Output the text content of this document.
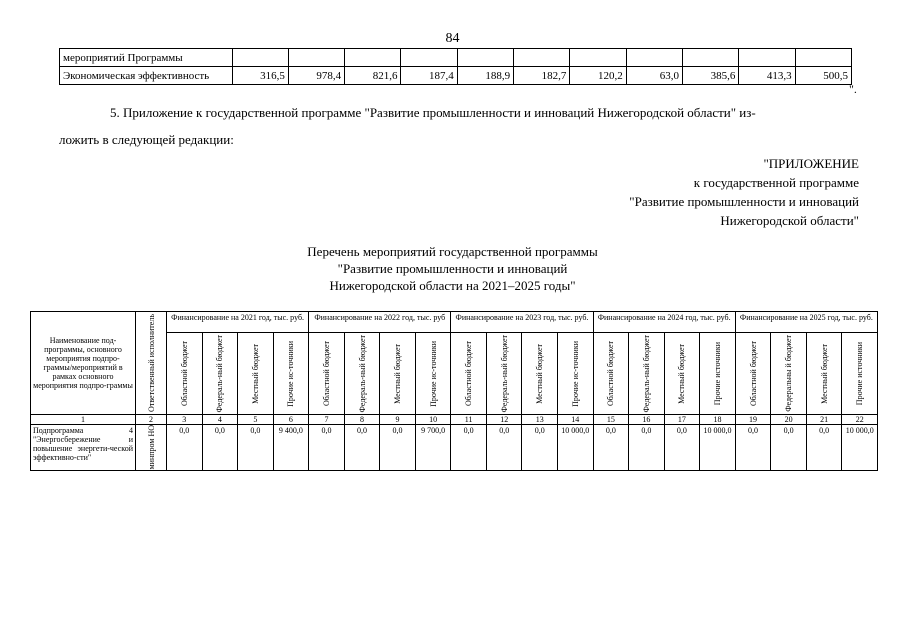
84
мероприятий Программы											
Экономическая эффективность	316,5	978,4	821,6	187,4	188,9	182,7	120,2	63,0	385,6	413,3	500,5
".
5. Приложение к государственной программе "Развитие промышленности и инноваций Нижегородской области" из-
ложить в следующей редакции:
"ПРИЛОЖЕНИЕ
к государственной программе
"Развитие промышленности и инноваций
Нижегородской области"
Перечень мероприятий государственной программы
"Развитие промышленности и инноваций
Нижегородской области на 2021–2025 годы"
Наименование под-программы, основного мероприятия подпро-граммы/мероприятий в рамках основного мероприятия подпро-граммы	Ответственный исполнитель	Финансирование на 2021 год, тыс. руб.				Финансирование на 2022 год, тыс. руб				Финансирование на 2023 год, тыс. руб.				Финансирование на 2024 год, тыс. руб.				Финансирование на 2025 год, тыс. руб.			

		Областной бюджет	Федераль-ный бюджет	Местный бюджет	Прочие ис-точники	Областной бюджет	Федераль-ный бюджет	Местный бюджет	Прочие ис-точники	Областной бюджет	Федераль-ный бюджет	Местный бюджет	Прочие ис-точники	Областной бюджет	Федераль-ный бюджет	Местный бюджет	Прочие источники	Областной бюджет	Федеральны й бюджет	Местный бюджет	Прочие источники

1	2	3	4	5	6	7	8	9	10	11	12	13	14	15	16	17	18	19	20	21	22
Подпрограмма 4 "Энергосбережение и повышение энергети-ческой эффективно-сти"	минпром НО	0,0	0,0	0,0	9 400,0	0,0	0,0	0,0	9 700,0	0,0	0,0	0,0	10 000,0	0,0	0,0	0,0	10 000,0	0,0	0,0	0,0	10 000,0
